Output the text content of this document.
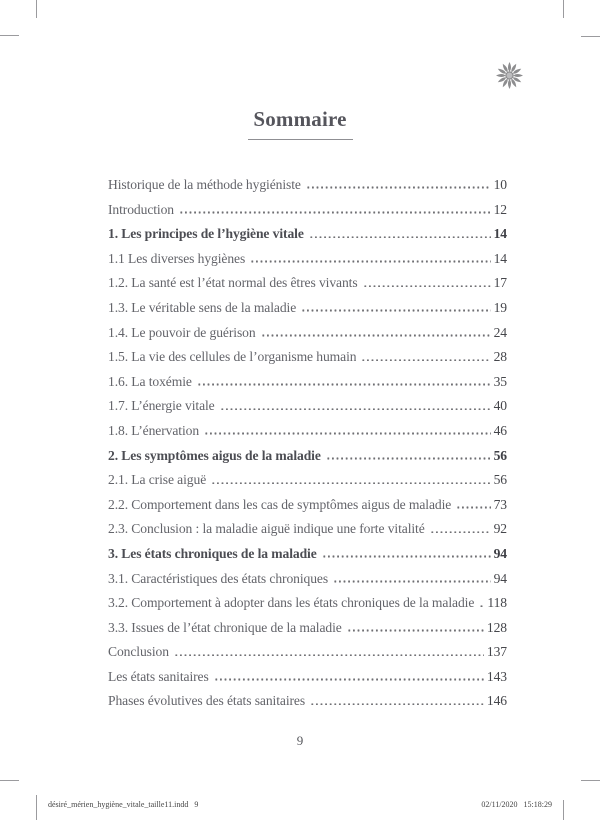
Sommaire
Historique de la méthode hygiéniste	10
Introduction	12
1. Les principes de l’hygiène vitale	14
1.1 Les diverses hygiènes	14
1.2. La santé est l’état normal des êtres vivants	17
1.3. Le véritable sens de la maladie	19
1.4. Le pouvoir de guérison	24
1.5. La vie des cellules de l’organisme humain	28
1.6. La toxémie	35
1.7. L’énergie vitale	40
1.8. L’énervation	46
2. Les symptômes aigus de la maladie	56
2.1. La crise aiguë	56
2.2. Comportement dans les cas de symptômes aigus de maladie	73
2.3. Conclusion : la maladie aiguë indique une forte vitalité	92
3. Les états chroniques de la maladie	94
3.1. Caractéristiques des états chroniques	94
3.2. Comportement à adopter dans les états chroniques de la maladie 118
3.3. Issues de l’état chronique de la maladie	128
Conclusion	137
Les états sanitaires	143
Phases évolutives des états sanitaires	146
9
désiré_mérien_hygiène_vitale_taille11.indd   9	02/11/2020   15:18:29
